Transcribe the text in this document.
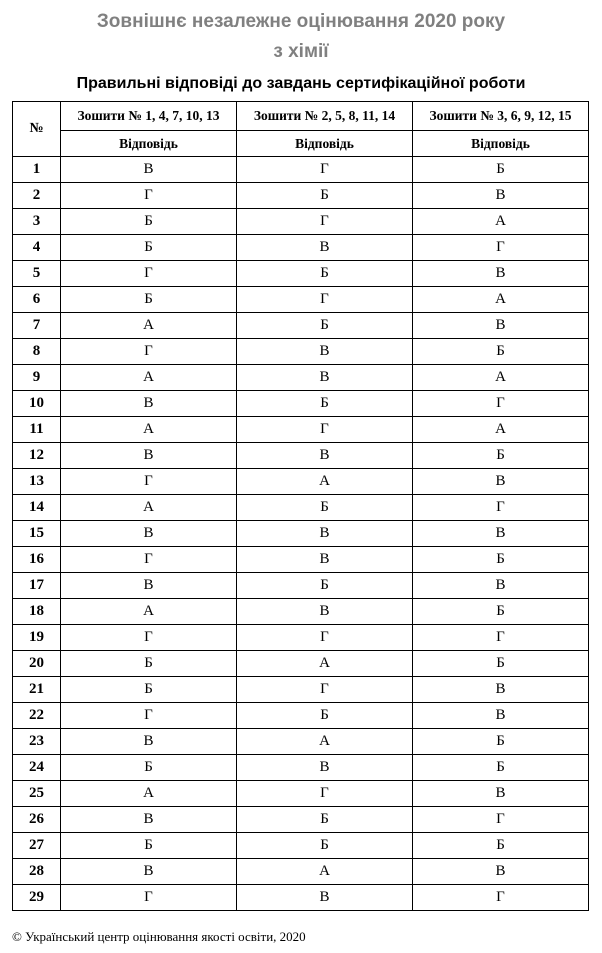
Зовнішнє незалежне оцінювання 2020 року
з хімії
Правильні відповіді до завдань сертифікаційної роботи
№	Зошити № 1, 4, 7, 10, 13	Зошити № 2, 5, 8, 11, 14	Зошити № 3, 6, 9, 12, 15
	Відповідь	Відповідь	Відповідь
1	В	Г	Б
2	Г	Б	В
3	Б	Г	А
4	Б	В	Г
5	Г	Б	В
6	Б	Г	А
7	А	Б	В
8	Г	В	Б
9	А	В	А
10	В	Б	Г
11	А	Г	А
12	В	В	Б
13	Г	А	В
14	А	Б	Г
15	В	В	В
16	Г	В	Б
17	В	Б	В
18	А	В	Б
19	Г	Г	Г
20	Б	А	Б
21	Б	Г	В
22	Г	Б	В
23	В	А	Б
24	Б	В	Б
25	А	Г	В
26	В	Б	Г
27	Б	Б	Б
28	В	А	В
29	Г	В	Г
© Український центр оцінювання якості освіти, 2020
